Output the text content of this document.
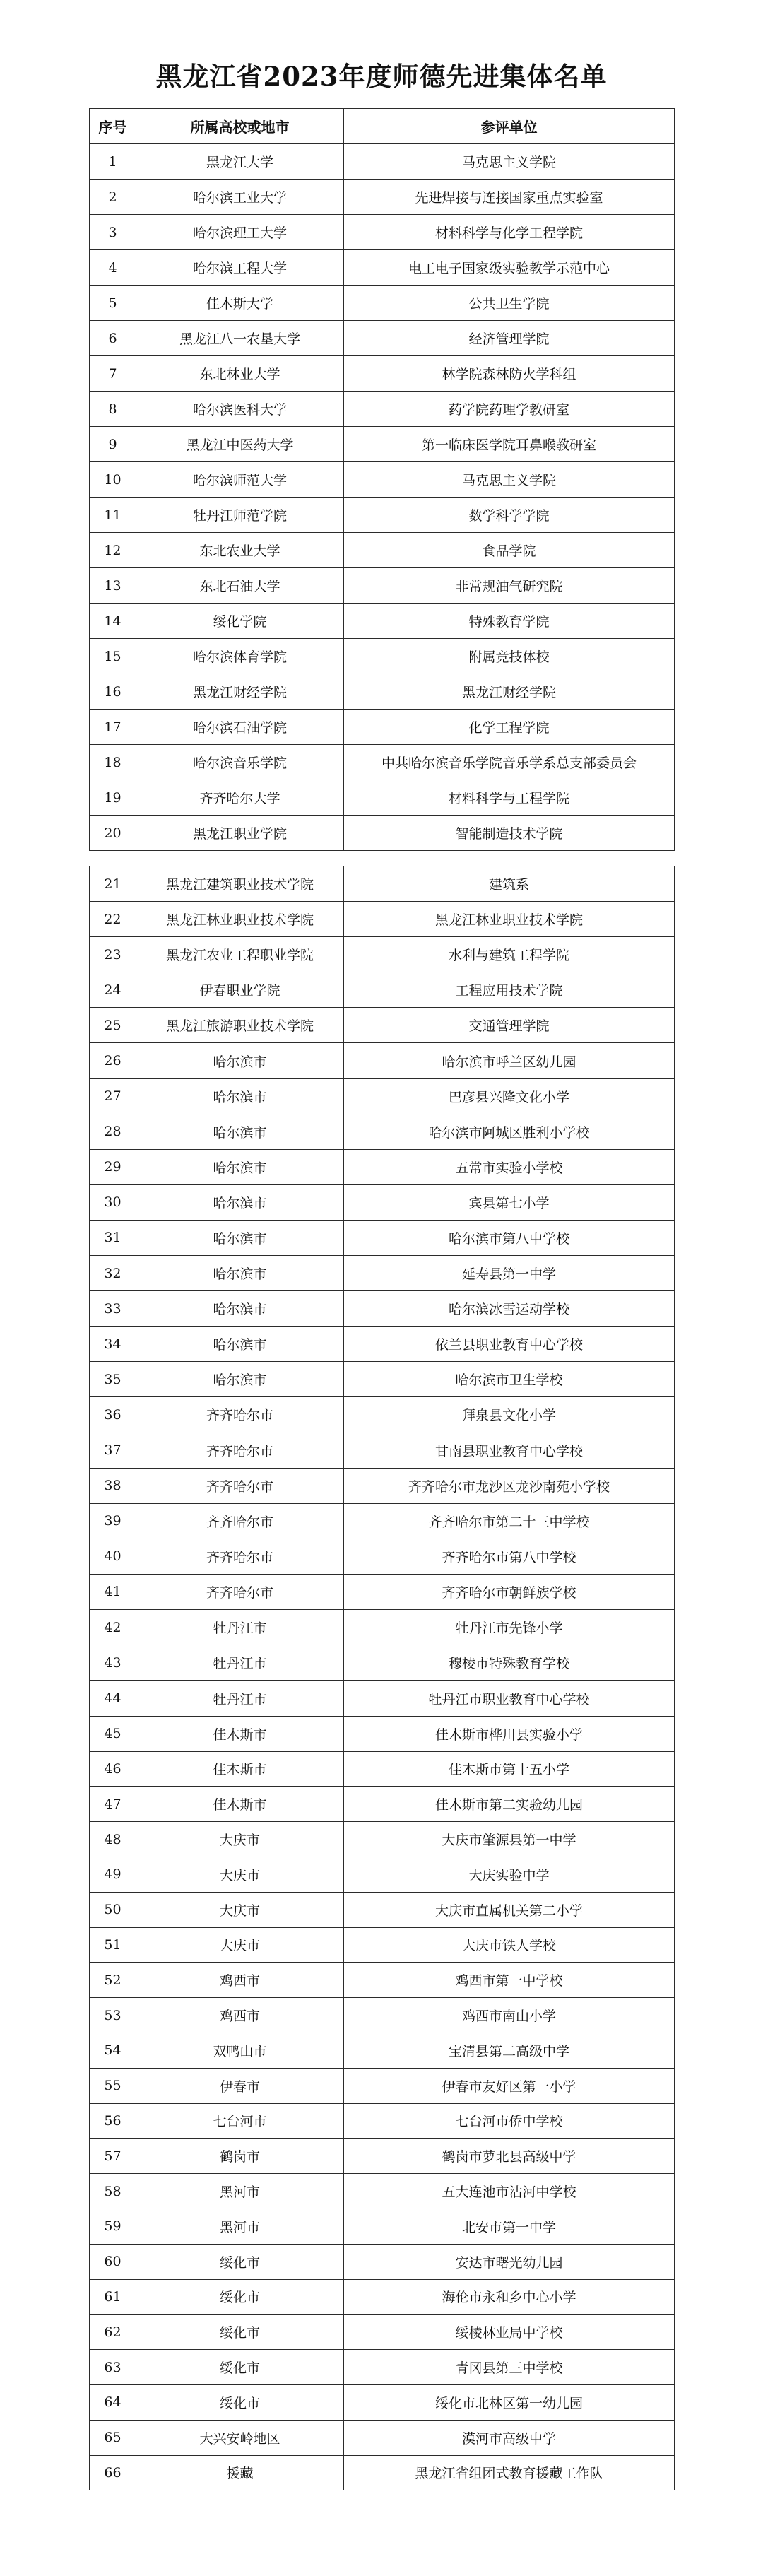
黑龙江省2023年度师德先进集体名单
序号	所属高校或地市	参评单位
1	黑龙江大学	马克思主义学院
2	哈尔滨工业大学	先进焊接与连接国家重点实验室
3	哈尔滨理工大学	材料科学与化学工程学院
4	哈尔滨工程大学	电工电子国家级实验教学示范中心
5	佳木斯大学	公共卫生学院
6	黑龙江八一农垦大学	经济管理学院
7	东北林业大学	林学院森林防火学科组
8	哈尔滨医科大学	药学院药理学教研室
9	黑龙江中医药大学	第一临床医学院耳鼻喉教研室
10	哈尔滨师范大学	马克思主义学院
11	牡丹江师范学院	数学科学学院
12	东北农业大学	食品学院
13	东北石油大学	非常规油气研究院
14	绥化学院	特殊教育学院
15	哈尔滨体育学院	附属竞技体校
16	黑龙江财经学院	黑龙江财经学院
17	哈尔滨石油学院	化学工程学院
18	哈尔滨音乐学院	中共哈尔滨音乐学院音乐学系总支部委员会
19	齐齐哈尔大学	材料科学与工程学院
20	黑龙江职业学院	智能制造技术学院
21	黑龙江建筑职业技术学院	建筑系
22	黑龙江林业职业技术学院	黑龙江林业职业技术学院
23	黑龙江农业工程职业学院	水利与建筑工程学院
24	伊春职业学院	工程应用技术学院
25	黑龙江旅游职业技术学院	交通管理学院
26	哈尔滨市	哈尔滨市呼兰区幼儿园
27	哈尔滨市	巴彦县兴隆文化小学
28	哈尔滨市	哈尔滨市阿城区胜利小学校
29	哈尔滨市	五常市实验小学校
30	哈尔滨市	宾县第七小学
31	哈尔滨市	哈尔滨市第八中学校
32	哈尔滨市	延寿县第一中学
33	哈尔滨市	哈尔滨冰雪运动学校
34	哈尔滨市	依兰县职业教育中心学校
35	哈尔滨市	哈尔滨市卫生学校
36	齐齐哈尔市	拜泉县文化小学
37	齐齐哈尔市	甘南县职业教育中心学校
38	齐齐哈尔市	齐齐哈尔市龙沙区龙沙南苑小学校
39	齐齐哈尔市	齐齐哈尔市第二十三中学校
40	齐齐哈尔市	齐齐哈尔市第八中学校
41	齐齐哈尔市	齐齐哈尔市朝鲜族学校
42	牡丹江市	牡丹江市先锋小学
43	牡丹江市	穆棱市特殊教育学校
44	牡丹江市	牡丹江市职业教育中心学校
45	佳木斯市	佳木斯市桦川县实验小学
46	佳木斯市	佳木斯市第十五小学
47	佳木斯市	佳木斯市第二实验幼儿园
48	大庆市	大庆市肇源县第一中学
49	大庆市	大庆实验中学
50	大庆市	大庆市直属机关第二小学
51	大庆市	大庆市铁人学校
52	鸡西市	鸡西市第一中学校
53	鸡西市	鸡西市南山小学
54	双鸭山市	宝清县第二高级中学
55	伊春市	伊春市友好区第一小学
56	七台河市	七台河市侨中学校
57	鹤岗市	鹤岗市萝北县高级中学
58	黑河市	五大连池市沾河中学校
59	黑河市	北安市第一中学
60	绥化市	安达市曙光幼儿园
61	绥化市	海伦市永和乡中心小学
62	绥化市	绥棱林业局中学校
63	绥化市	青冈县第三中学校
64	绥化市	绥化市北林区第一幼儿园
65	大兴安岭地区	漠河市高级中学
66	援藏	黑龙江省组团式教育援藏工作队
